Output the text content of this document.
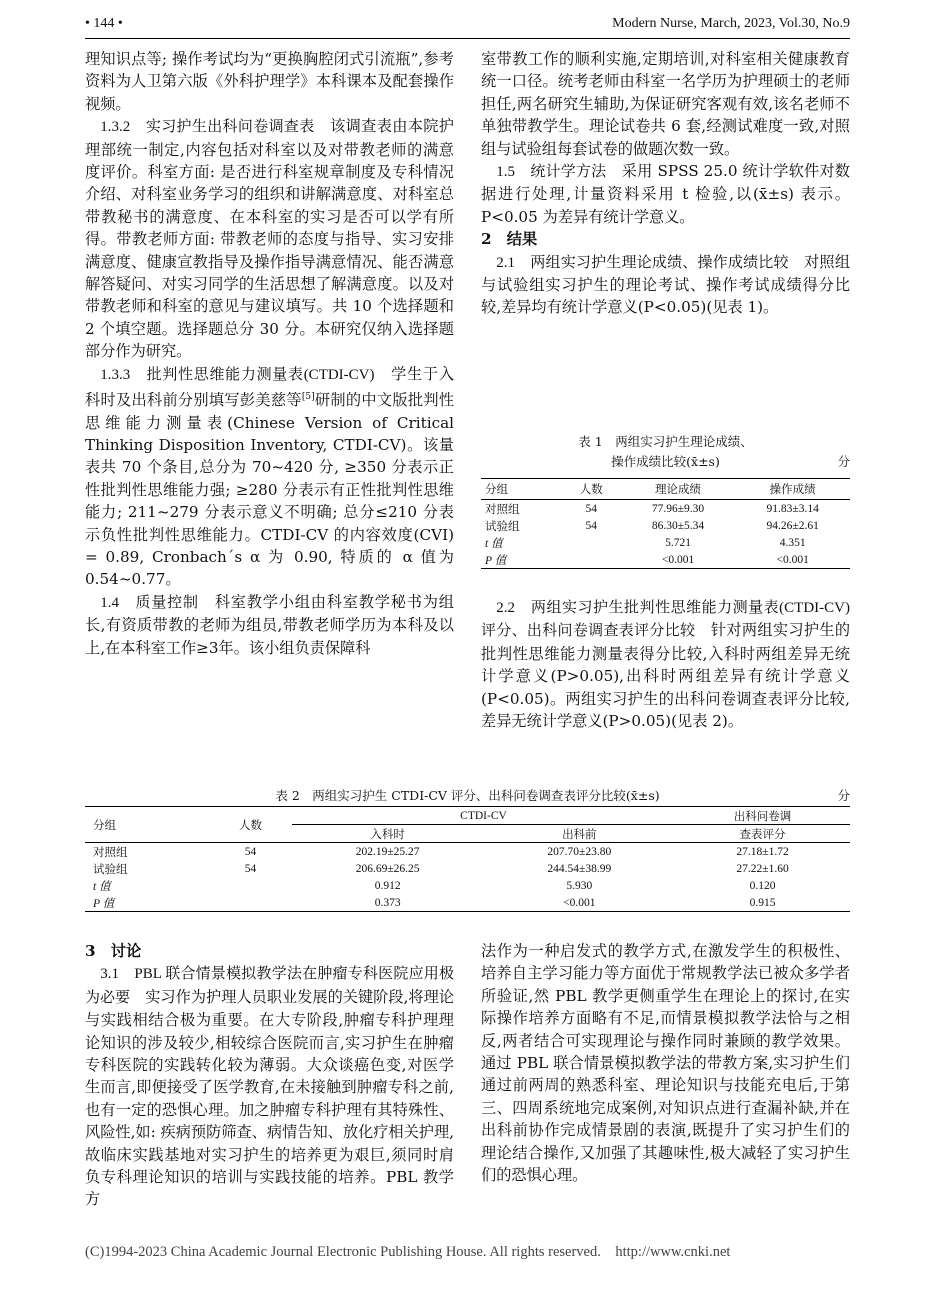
• 144 •	Modern Nurse, March, 2023, Vol.30, No.9

理知识点等; 操作考试均为“更换胸腔闭式引流瓶”,参考资料为人卫第六版《外科护理学》本科课本及配套操作视频。

1.3.2　实习护生出科问卷调查表　 该调查表由本院护理部统一制定,内容包括对科室以及对带教老师的满意度评价。科室方面: 是否进行科室规章制度及专科情况介绍、对科室业务学习的组织和讲解满意度、对科室总带教秘书的满意度、在本科室的实习是否可以学有所得。带教老师方面: 带教老师的态度与指导、实习安排满意度、健康宣教指导及操作指导满意情况、能否满意解答疑问、对实习同学的生活思想了解满意度。以及对带教老师和科室的意见与建议填写。共 10 个选择题和 2 个填空题。选择题总分 30 分。本研究仅纳入选择题部分作为研究。

1.3.3　批判性思维能力测量表(CTDI-CV)　 学生于入科时及出科前分别填写彭美慈等[5]研制的中文版批判性思维能力测量表(Chinese Version of Critical Thinking Disposition Inventory, CTDI-CV)。该量表共 70 个条目,总分为 70~420 分, ≥350 分表示正性批判性思维能力强; ≥280 分表示有正性批判性思维能力; 211~279 分表示意义不明确; 总分≤210 分表示负性批判性思维能力。CTDI-CV 的内容效度(CVI) = 0.89, Cronbach´s α 为 0.90, 特质的 α 值为 0.54~0.77。

1.4　质量控制　 科室教学小组由科室教学秘书为组长,有资质带教的老师为组员,带教老师学历为本科及以上,在本科室工作≥3年。该小组负责保障科

室带教工作的顺利实施,定期培训,对科室相关健康教育统一口径。统考老师由科室一名学历为护理硕士的老师担任,两名研究生辅助,为保证研究客观有效,该名老师不单独带教学生。理论试卷共 6 套,经测试难度一致,对照组与试验组每套试卷的做题次数一致。

1.5　统计学方法　 采用 SPSS 25.0 统计学软件对数据进行处理,计量资料采用 t 检验,以(x̄±s) 表示。P<0.05 为差异有统计学意义。

2　结果

2.1　两组实习护生理论成绩、操作成绩比较　 对照组与试验组实习护生的理论考试、操作考试成绩得分比较,差异均有统计学意义(P<0.05)(见表 1)。

表 1　两组实习护生理论成绩、
操作成绩比较(x̄±s)	分
分组	人数	理论成绩	操作成绩
对照组	54	77.96±9.30	91.83±3.14
试验组	54	86.30±5.34	94.26±2.61
t 值		5.721	4.351
P 值		<0.001	<0.001

2.2　两组实习护生批判性思维能力测量表(CTDI-CV)评分、出科问卷调查表评分比较　 针对两组实习护生的批判性思维能力测量表得分比较,入科时两组差异无统计学意义(P>0.05),出科时两组差异有统计学意义(P<0.05)。两组实习护生的出科问卷调查表评分比较,差异无统计学意义(P>0.05)(见表 2)。

表 2　两组实习护生 CTDI-CV 评分、出科问卷调查表评分比较(x̄±s)	分
分组	人数	CTDI-CV		出科问卷调
		入科时	出科前	查表评分
对照组	54	202.19±25.27	207.70±23.80	27.18±1.72
试验组	54	206.69±26.25	244.54±38.99	27.22±1.60
t 值		0.912	5.930	0.120
P 值		0.373	<0.001	0.915

3　讨论

3.1　PBL 联合情景模拟教学法在肿瘤专科医院应用极为必要　 实习作为护理人员职业发展的关键阶段,将理论与实践相结合极为重要。在大专阶段,肿瘤专科护理理论知识的涉及较少,相较综合医院而言,实习护生在肿瘤专科医院的实践转化较为薄弱。大众谈癌色变,对医学生而言,即便接受了医学教育,在未接触到肿瘤专科之前,也有一定的恐惧心理。加之肿瘤专科护理有其特殊性、风险性,如: 疾病预防筛查、病情告知、放化疗相关护理,故临床实践基地对实习护生的培养更为艰巨,须同时肩负专科理论知识的培训与实践技能的培养。PBL 教学方

法作为一种启发式的教学方式,在激发学生的积极性、培养自主学习能力等方面优于常规教学法已被众多学者所验证,然 PBL 教学更侧重学生在理论上的探讨,在实际操作培养方面略有不足,而情景模拟教学法恰与之相反,两者结合可实现理论与操作同时兼顾的教学效果。通过 PBL 联合情景模拟教学法的带教方案,实习护生们通过前两周的熟悉科室、理论知识与技能充电后,于第三、四周系统地完成案例,对知识点进行查漏补缺,并在出科前协作完成情景剧的表演,既提升了实习护生们的理论结合操作,又加强了其趣味性,极大减轻了实习护生们的恐惧心理。

(C)1994-2023 China Academic Journal Electronic Publishing House. All rights reserved.　http://www.cnki.net
